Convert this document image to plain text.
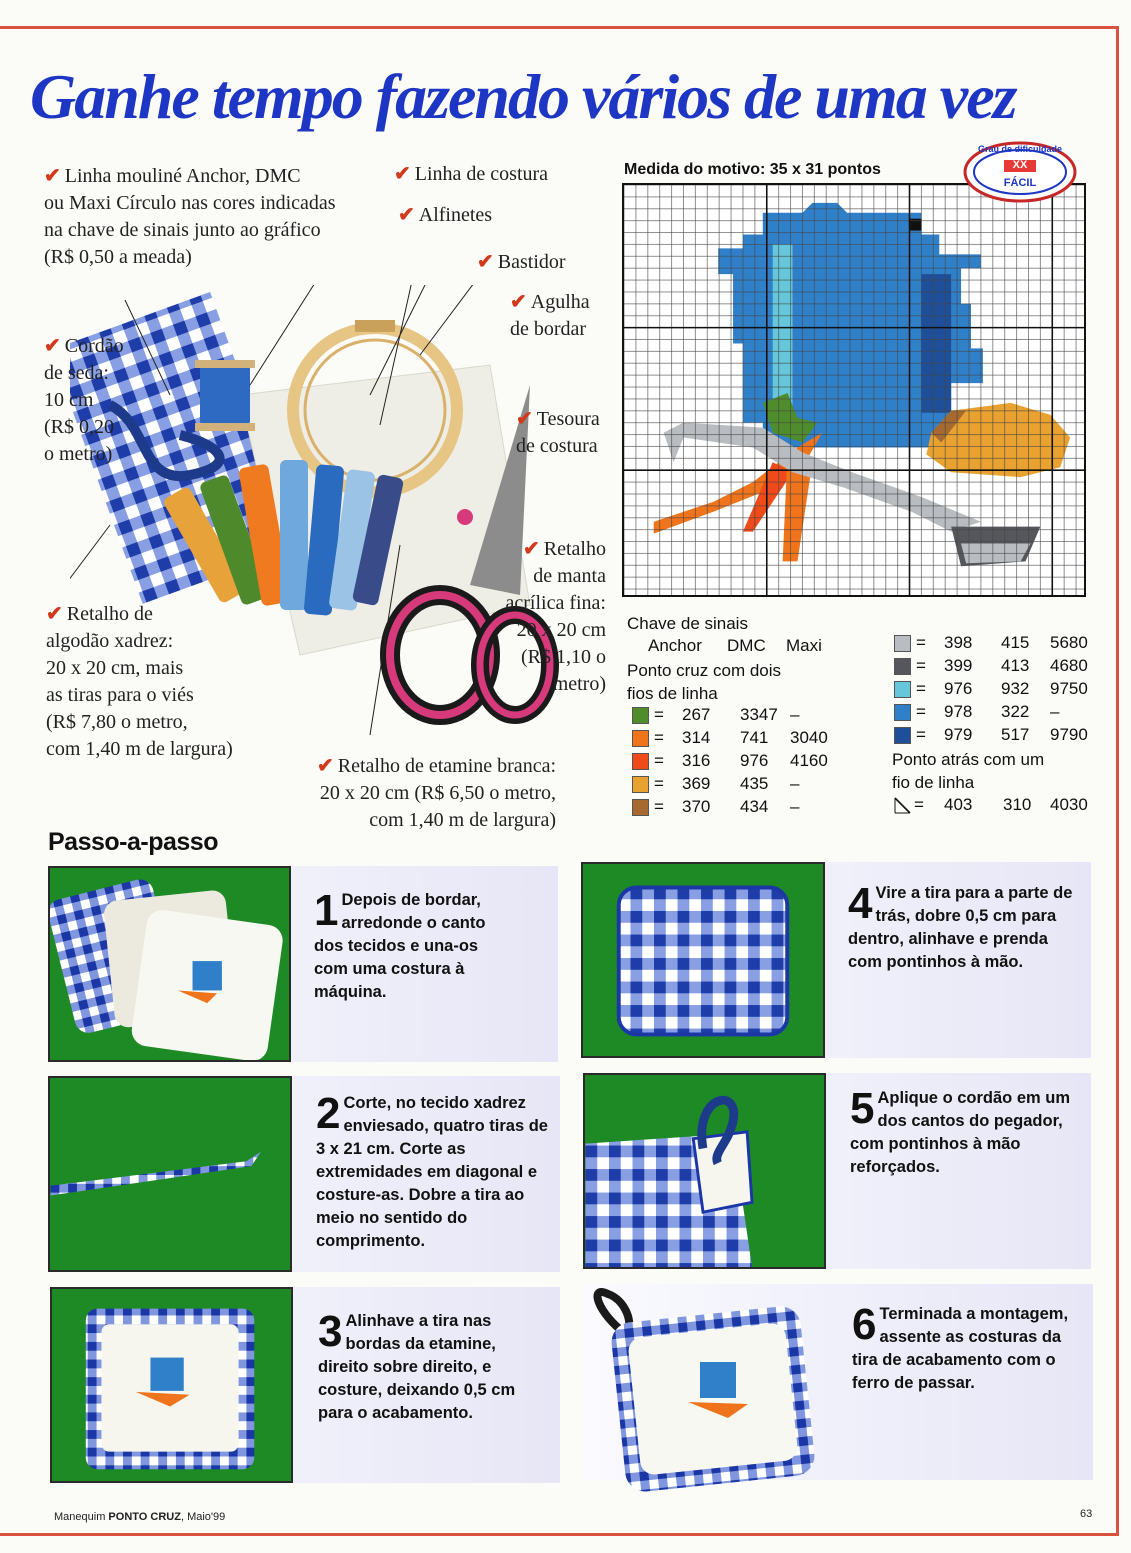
Ganhe tempo fazendo vários de uma vez
✔ Linha mouliné Anchor, DMC
ou Maxi Círculo nas cores indicadas
na chave de sinais junto ao gráfico
(R$ 0,50 a meada)
✔ Linha de costura
✔ Alfinetes
✔ Bastidor
✔ Agulha
de bordar
✔ Cordão
de seda:
10 cm
(R$ 0,20
o metro)
✔ Tesoura
de costura
✔ Retalho
de manta
acrílica fina:
20 x 20 cm
(R$ 1,10 o
metro)
✔ Retalho de
algodão xadrez:
20 x 20 cm, mais
as tiras para o viés
(R$ 7,80 o metro,
com 1,40 m de largura)
✔ Retalho de etamine branca:
20 x 20 cm (R$ 6,50 o metro,
com 1,40 m de largura)
Medida do motivo: 35 x 31 pontos
Grau de dificuldade
XX
FÁCIL
Chave de sinais
Anchor DMC Maxi
Ponto cruz com dois
fios de linha
= 267 3347 –
= 314 741 3040
= 316 976 4160
= 369 435 –
= 370 434 –
= 398 415 5680
= 399 413 4680
= 976 932 9750
= 978 322 –
= 979 517 9790
Ponto atrás com um
fio de linha
= 403 310 4030
Passo-a-passo
1 Depois de bordar, arredonde o canto dos tecidos e una-os com uma costura à máquina.
2 Corte, no tecido xadrez enviesado, quatro tiras de 3 x 21 cm. Corte as extremidades em diagonal e costure-as. Dobre a tira ao meio no sentido do comprimento.
3 Alinhave a tira nas bordas da etamine, direito sobre direito, e costure, deixando 0,5 cm para o acabamento.
4 Vire a tira para a parte de trás, dobre 0,5 cm para dentro, alinhave e prenda com pontinhos à mão.
5 Aplique o cordão em um dos cantos do pegador, com pontinhos à mão reforçados.
6 Terminada a montagem, assente as costuras da tira de acabamento com o ferro de passar.
Manequim PONTO CRUZ, Maio'99	63
